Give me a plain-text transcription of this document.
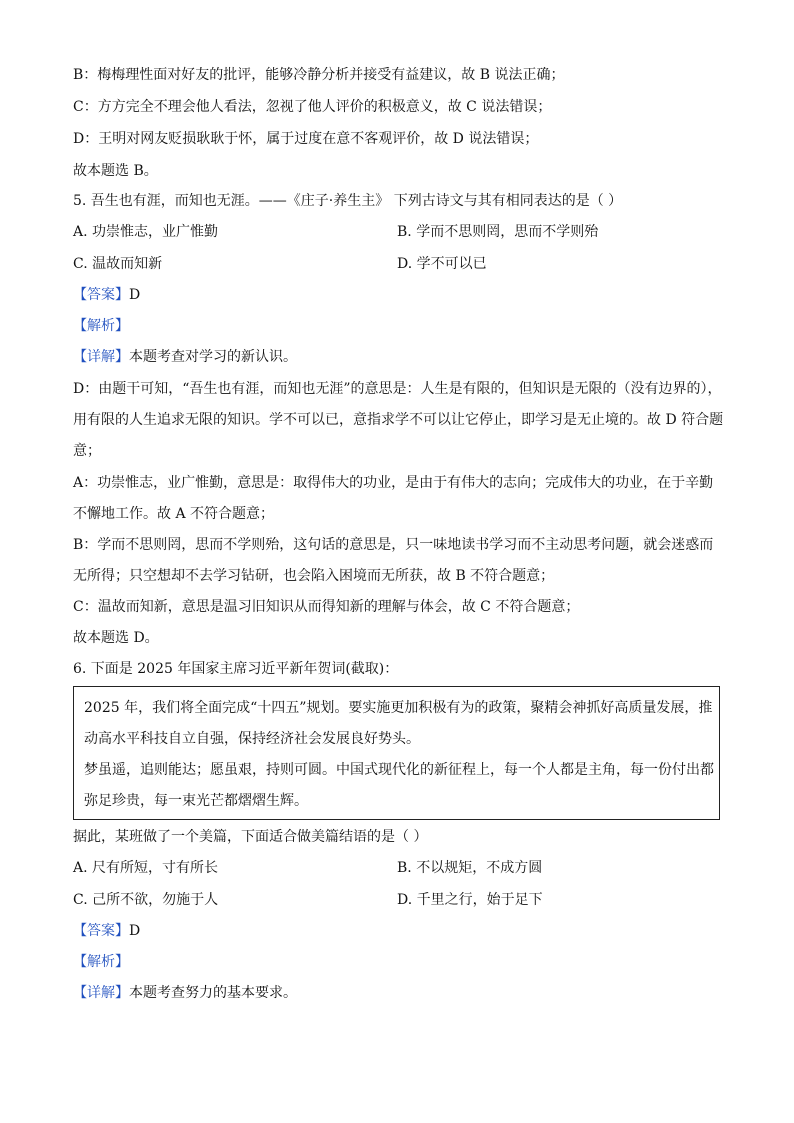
B：梅梅理性面对好友的批评，能够冷静分析并接受有益建议，故 B 说法正确；
C：方方完全不理会他人看法，忽视了他人评价的积极意义，故 C 说法错误；
D：王明对网友贬损耿耿于怀，属于过度在意不客观评价，故 D 说法错误；
故本题选 B。
5. 吾生也有涯，而知也无涯。——《庄子·养生主》 下列古诗文与其有相同表达的是（ ）
A. 功崇惟志，业广惟勤	B. 学而不思则罔，思而不学则殆
C. 温故而知新	D. 学不可以已
【答案】D
【解析】
【详解】本题考查对学习的新认识。
D：由题干可知，“吾生也有涯，而知也无涯”的意思是：人生是有限的，但知识是无限的（没有边界的），
用有限的人生追求无限的知识。学不可以已，意指求学不可以让它停止，即学习是无止境的。故 D 符合题
意；
A：功崇惟志，业广惟勤，意思是：取得伟大的功业，是由于有伟大的志向；完成伟大的功业，在于辛勤
不懈地工作。故 A 不符合题意；
B：学而不思则罔，思而不学则殆，这句话的意思是，只一味地读书学习而不主动思考问题，就会迷惑而
无所得；只空想却不去学习钻研，也会陷入困境而无所获，故 B 不符合题意；
C：温故而知新，意思是温习旧知识从而得知新的理解与体会，故 C 不符合题意；
故本题选 D。
6. 下面是 2025 年国家主席习近平新年贺词(截取)：
2025 年，我们将全面完成“十四五”规划。要实施更加积极有为的政策，聚精会神抓好高质量发展，推
动高水平科技自立自强，保持经济社会发展良好势头。
梦虽遥，追则能达；愿虽艰，持则可圆。中国式现代化的新征程上，每一个人都是主角，每一份付出都
弥足珍贵，每一束光芒都熠熠生辉。
据此，某班做了一个美篇，下面适合做美篇结语的是（ ）
A. 尺有所短，寸有所长	B. 不以规矩，不成方圆
C. 己所不欲，勿施于人	D. 千里之行，始于足下
【答案】D
【解析】
【详解】本题考查努力的基本要求。
